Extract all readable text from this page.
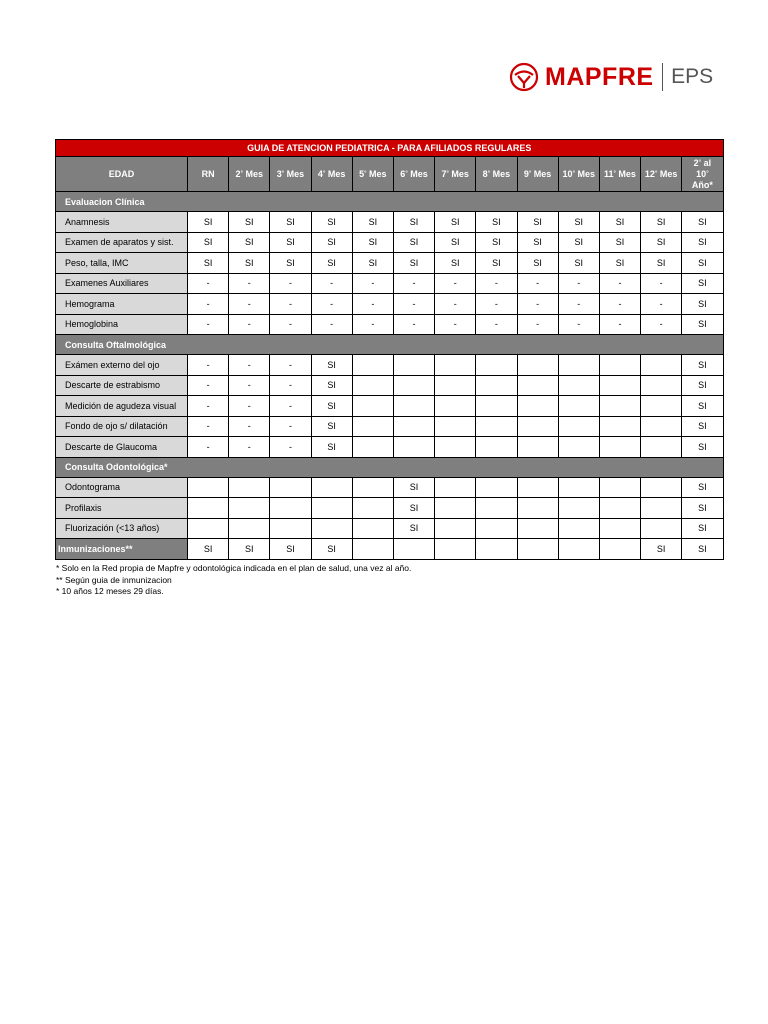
MAPFRE EPS
GUIA DE ATENCION PEDIATRICA - PARA AFILIADOS REGULARES													
EDAD	RN	2° Mes	3° Mes	4° Mes	5° Mes	6° Mes	7° Mes	8° Mes	9° Mes	10° Mes	11° Mes	12° Mes	2° al
10°
Año*
Evaluacion Clínica													
Anamnesis	SI	SI	SI	SI	SI	SI	SI	SI	SI	SI	SI	SI	SI
Examen de aparatos y sist.	SI	SI	SI	SI	SI	SI	SI	SI	SI	SI	SI	SI	SI
Peso, talla, IMC	SI	SI	SI	SI	SI	SI	SI	SI	SI	SI	SI	SI	SI
Examenes Auxiliares	-	-	-	-	-	-	-	-	-	-	-	-	SI
Hemograma	-	-	-	-	-	-	-	-	-	-	-	-	SI
Hemoglobina	-	-	-	-	-	-	-	-	-	-	-	-	SI
Consulta Oftalmológica													
Exámen externo del ojo	-	-	-	SI									SI
Descarte de estrabismo	-	-	-	SI									SI
Medición de agudeza visual	-	-	-	SI									SI
Fondo de ojo s/ dilatación	-	-	-	SI									SI
Descarte de Glaucoma	-	-	-	SI									SI
Consulta Odontológica*													
Odontograma						SI							SI
Profilaxis						SI							SI
Fluorización (<13 años)						SI							SI
Inmunizaciones**	SI	SI	SI	SI								SI	SI
* Solo en la Red propia de Mapfre y odontológica indicada en el plan de salud, una vez al año.
** Según guia de inmunizacion
* 10 años 12 meses 29 días.
